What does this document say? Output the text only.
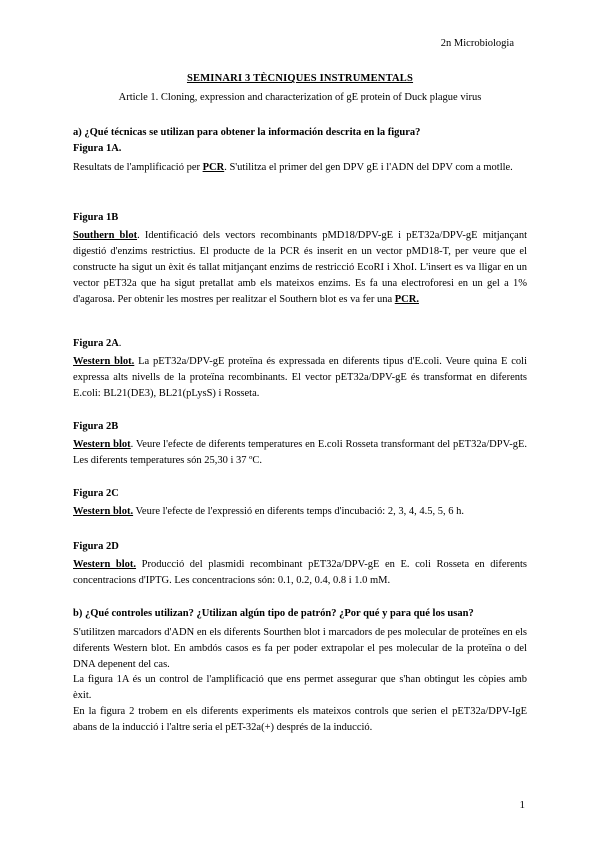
2n Microbiologia
SEMINARI 3 TÈCNIQUES INSTRUMENTALS
Article 1. Cloning, expression and characterization of gE protein of Duck plague virus
a) ¿Qué técnicas se utilizan para obtener la información descrita en la figura?
Figura 1A.
Resultats de l'amplificació per PCR. S'utilitza el primer del gen DPV gE i l'ADN del DPV com a motlle.
Figura 1B
Southern blot. Identificació dels vectors recombinants pMD18/DPV-gE i pET32a/DPV-gE mitjançant digestió d'enzims restrictius. El producte de la PCR és inserit en un vector pMD18-T, per veure que el constructe ha sigut un èxit és tallat mitjançant enzims de restricció EcoRI i XhoI. L'insert es va lligar en un vector pET32a que ha sigut pretallat amb els mateixos enzims. Es fa una electroforesi en un gel a 1% d'agarosa. Per obtenir les mostres per realitzar el Southern blot es va fer una PCR.
Figura 2A.
Western blot. La pET32a/DPV-gE proteïna és expressada en diferents tipus d'E.coli. Veure quina E coli expressa alts nivells de la proteïna recombinants. El vector pET32a/DPV-gE és transformat en diferents E.coli: BL21(DE3), BL21(pLysS) i Rosseta.
Figura 2B
Western blot. Veure l'efecte de diferents temperatures en E.coli Rosseta transformant del pET32a/DPV-gE. Les diferents temperatures són 25,30 i 37 ºC.
Figura 2C
Western blot. Veure l'efecte de l'expressió en diferents temps d'incubació: 2, 3, 4, 4.5, 5, 6 h.
Figura 2D
Western blot. Producció del plasmidi recombinant pET32a/DPV-gE en E. coli Rosseta en diferents concentracions d'IPTG. Les concentracions són: 0.1, 0.2, 0.4, 0.8 i 1.0 mM.
b) ¿Qué controles utilizan? ¿Utilizan algún tipo de patrón? ¿Por qué y para qué los usan?
S'utilitzen marcadors d'ADN en els diferents Sourthen blot i marcadors de pes molecular de proteïnes en els diferents Western blot. En ambdós casos es fa per poder extrapolar el pes molecular de la proteïna o del DNA depenent del cas.
La figura 1A és un control de l'amplificació que ens permet assegurar que s'han obtingut les còpies amb èxit.
En la figura 2 trobem en els diferents experiments els mateixos controls que serien el pET32a/DPV-IgE abans de la inducció i l'altre seria el pET-32a(+) després de la inducció.
1
